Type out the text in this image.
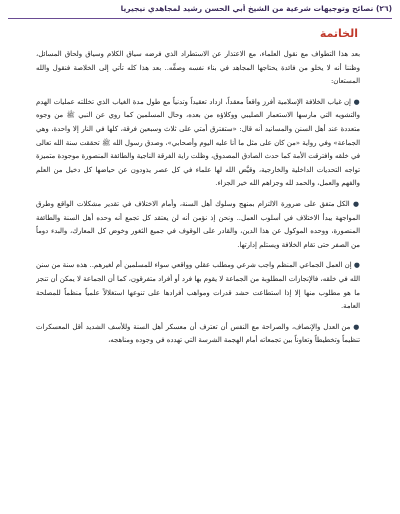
(٢٦) نصائح وتوجيهات شرعية من الشيخ أبي الحسن رشيد لمجاهدي نيجيريا
الخاتمة

بعد هذا التطواف مع نقول العلماء، مع الاعتذار عن الاستطراد الذي فرضه سياق الكلام وسياق ولحاق المسائل، وظننا أنه لا يخلو من فائدة يحتاجها المجاهد في بناء نفسه وصفِّه.. بعد هذا كله تأتي إلى الخلاصة فنقول والله المستعان:

● إن غياب الخلافة الإسلامية أفرز واقعاً معقداً، ازداد تعقيداً وتدنياً مع طول مدة الغياب الذي تخللته عمليات الهدم والتشويه التي مارسها الاستعمار الصليبي ووكلاؤه من بعده، وحال المسلمين كما روي عن النبي ﷺ من وجوه متعددة عند أهل السنن والمسانيد أنه قال: «ستفترق أمتي على ثلاث وسبعين فرقة، كلها في النار إلا واحدة، وهي الجماعة» وفي رواية «من كان على مثل ما أنا عليه اليوم وأصحابي»، وصدق رسول الله ﷺ تحققت سنة الله تعالى في خلقه وافترقت الأمة كما حدث الصادق المصدوق، وظلت راية الفرقة الناجية والطائفة المنصورة موجودة متميزة تواجه التحديات الداخلية والخارجية، وقيَّض الله لها علماء في كل عصر يذودون عن حياضها كل دخيل من العلم والفهم والعمل، والحمد لله وجزاهم الله خير الجزاء.

● الكل متفق على ضرورة الالتزام بمنهج وسلوك أهل السنة، وأمام الاختلاف في تقدير مشكلات الواقع وطرق المواجهة يبدأ الاختلاف في أسلوب العمل.. ونحن إذ نؤمن أنه لن يعتقد كل تجمع أنه وحده أهل السنة والطائفة المنصورة، ووحده الموكول عن هذا الدين، والقادر على الوقوف في جميع الثغور وخوض كل المعارك، والبدء دوماً من الصفر حتى تقام الخلافة ويستلم إدارتها.

● إن العمل الجماعي المنظم واجب شرعي ومطلب عقلي وواقعي سواء للمسلمين أم لغيرهم.. هذه سنة من سنن الله في خلقه، فالإنجازات المطلوبة من الجماعة لا يقوم بها فرد أو أفراد متفرقون، كما أن الجماعة لا يمكن أن تنجز ما هو مطلوب منها إلا إذا استطاعت حشد قدرات ومواهب أفرادها على تنوعها استغلالاً علمياً منظماً للمصلحة العامة.

● من العدل والإنصاف، والصراحة مع النفس أن تعترف أن معسكر أهل السنة وللأسف الشديد أقل المعسكرات تنظيماً وتخطيطاً وتعاوناً بين تجمعاته أمام الهجمة الشرسة التي تهدده في وجوده ومناهجه،
